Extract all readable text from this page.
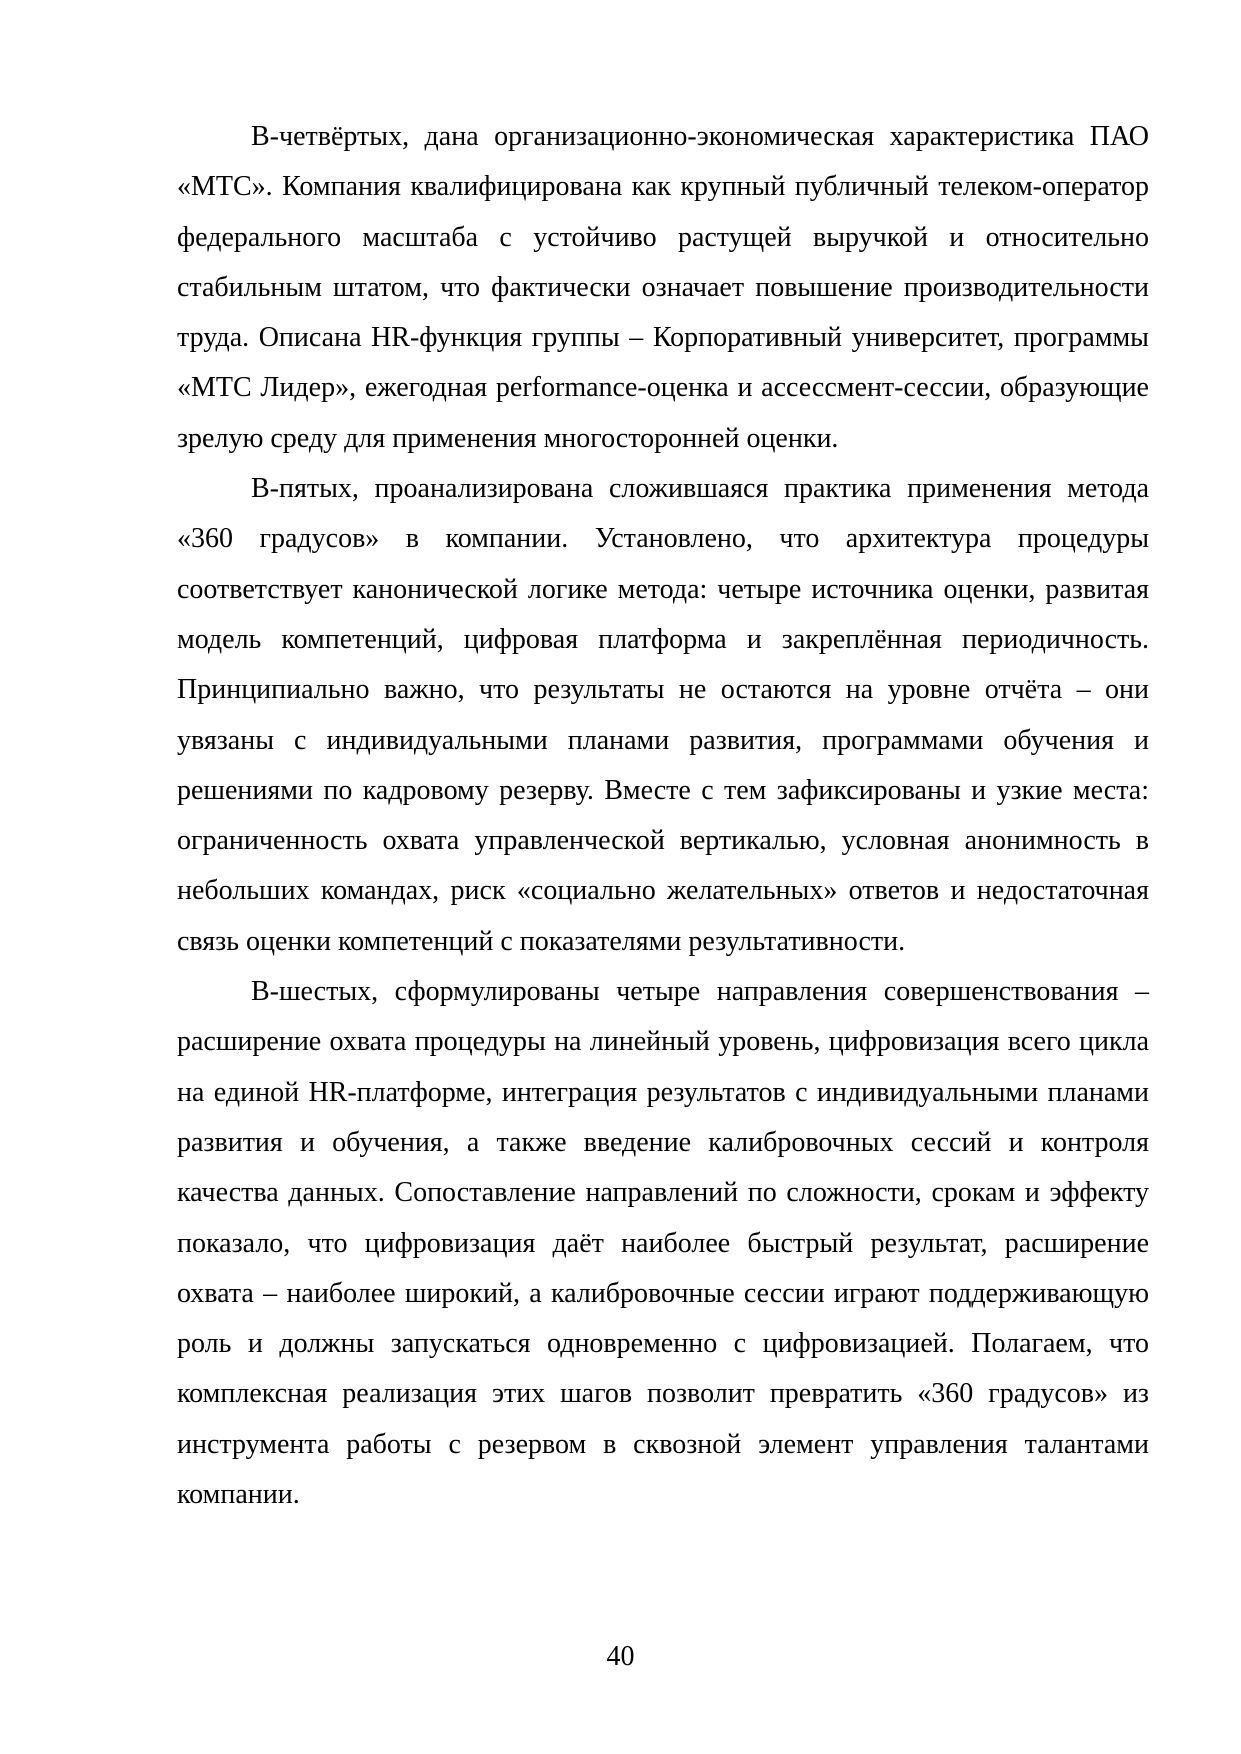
В-четвёртых, дана организационно-экономическая характеристика ПАО «МТС». Компания квалифицирована как крупный публичный телеком-оператор федерального масштаба с устойчиво растущей выручкой и относительно стабильным штатом, что фактически означает повышение производительности труда. Описана HR-функция группы – Корпоративный университет, программы «МТС Лидер», ежегодная performance-оценка и ассессмент-сессии, образующие зрелую среду для применения многосторонней оценки.

В-пятых, проанализирована сложившаяся практика применения метода «360 градусов» в компании. Установлено, что архитектура процедуры соответствует канонической логике метода: четыре источника оценки, развитая модель компетенций, цифровая платформа и закреплённая периодичность. Принципиально важно, что результаты не остаются на уровне отчёта – они увязаны с индивидуальными планами развития, программами обучения и решениями по кадровому резерву. Вместе с тем зафиксированы и узкие места: ограниченность охвата управленческой вертикалью, условная анонимность в небольших командах, риск «социально желательных» ответов и недостаточная связь оценки компетенций с показателями результативности.

В-шестых, сформулированы четыре направления совершенствования – расширение охвата процедуры на линейный уровень, цифровизация всего цикла на единой HR-платформе, интеграция результатов с индивидуальными планами развития и обучения, а также введение калибровочных сессий и контроля качества данных. Сопоставление направлений по сложности, срокам и эффекту показало, что цифровизация даёт наиболее быстрый результат, расширение охвата – наиболее широкий, а калибровочные сессии играют поддерживающую роль и должны запускаться одновременно с цифровизацией. Полагаем, что комплексная реализация этих шагов позволит превратить «360 градусов» из инструмента работы с резервом в сквозной элемент управления талантами компании.

40
